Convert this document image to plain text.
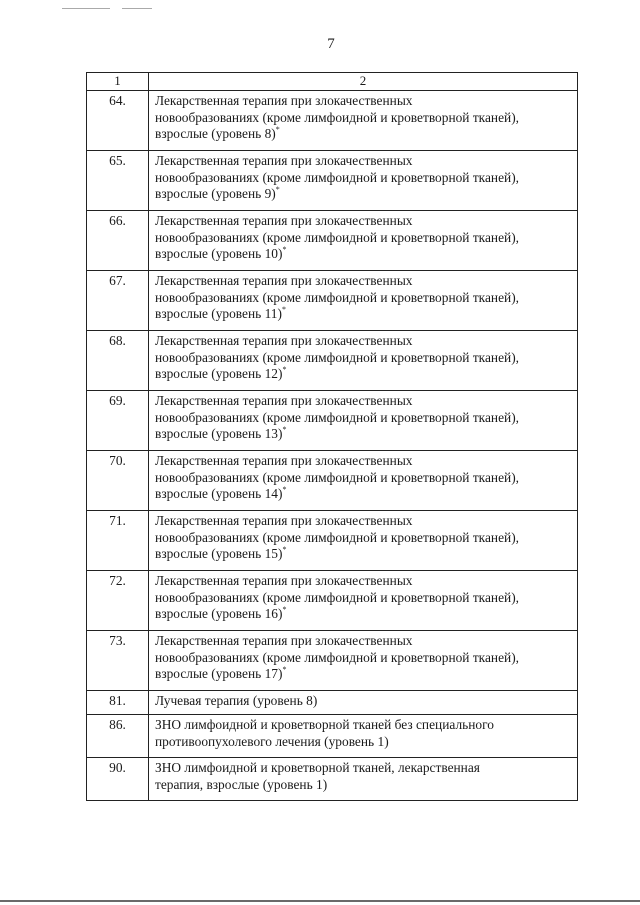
7
1	2
64.	Лекарственная терапия при злокачественных
новообразованиях (кроме лимфоидной и кроветворной тканей),
взрослые (уровень 8)*
65.	Лекарственная терапия при злокачественных
новообразованиях (кроме лимфоидной и кроветворной тканей),
взрослые (уровень 9)*
66.	Лекарственная терапия при злокачественных
новообразованиях (кроме лимфоидной и кроветворной тканей),
взрослые (уровень 10)*
67.	Лекарственная терапия при злокачественных
новообразованиях (кроме лимфоидной и кроветворной тканей),
взрослые (уровень 11)*
68.	Лекарственная терапия при злокачественных
новообразованиях (кроме лимфоидной и кроветворной тканей),
взрослые (уровень 12)*
69.	Лекарственная терапия при злокачественных
новообразованиях (кроме лимфоидной и кроветворной тканей),
взрослые (уровень 13)*
70.	Лекарственная терапия при злокачественных
новообразованиях (кроме лимфоидной и кроветворной тканей),
взрослые (уровень 14)*
71.	Лекарственная терапия при злокачественных
новообразованиях (кроме лимфоидной и кроветворной тканей),
взрослые (уровень 15)*
72.	Лекарственная терапия при злокачественных
новообразованиях (кроме лимфоидной и кроветворной тканей),
взрослые (уровень 16)*
73.	Лекарственная терапия при злокачественных
новообразованиях (кроме лимфоидной и кроветворной тканей),
взрослые (уровень 17)*
81.	Лучевая терапия (уровень 8)
86.	ЗНО лимфоидной и кроветворной тканей без специального
противоопухолевого лечения (уровень 1)
90.	ЗНО лимфоидной и кроветворной тканей, лекарственная
терапия, взрослые (уровень 1)
